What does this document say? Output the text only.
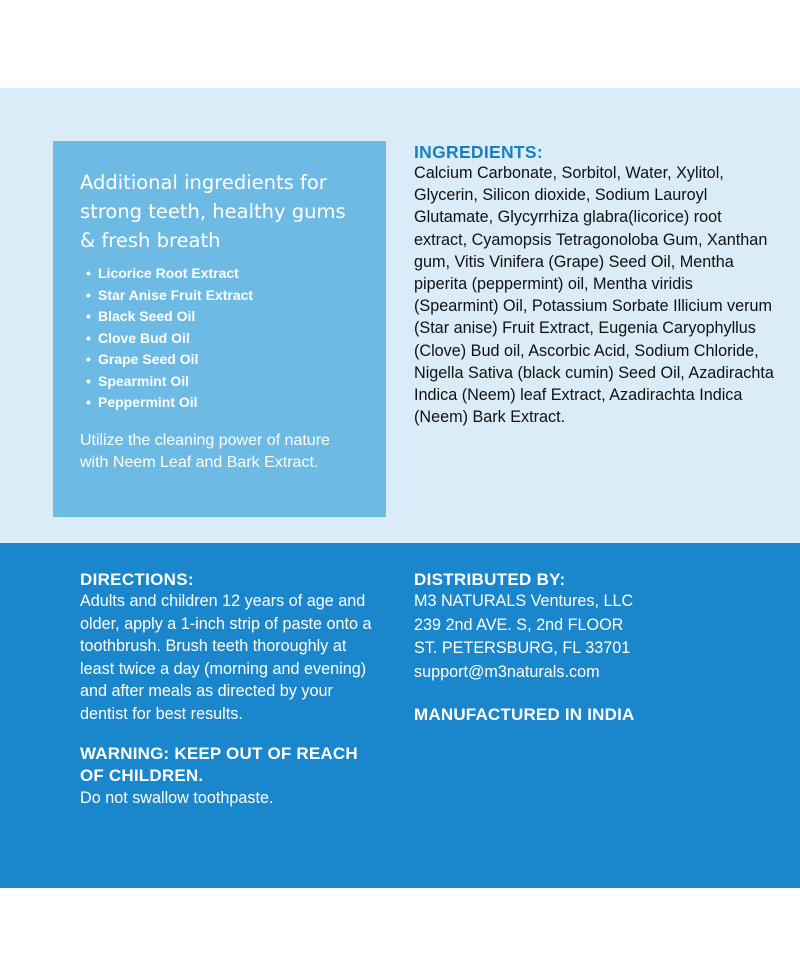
Additional ingredients for strong teeth, healthy gums & fresh breath
• Licorice Root Extract
• Star Anise Fruit Extract
• Black Seed Oil
• Clove Bud Oil
• Grape Seed Oil
• Spearmint Oil
• Peppermint Oil
Utilize the cleaning power of nature with Neem Leaf and Bark Extract.
INGREDIENTS:
Calcium Carbonate, Sorbitol, Water, Xylitol, Glycerin, Silicon dioxide, Sodium Lauroyl Glutamate, Glycyrrhiza glabra(licorice) root extract, Cyamopsis Tetragonoloba Gum, Xanthan gum, Vitis Vinifera (Grape) Seed Oil, Mentha piperita (peppermint) oil, Mentha viridis (Spearmint) Oil, Potassium Sorbate Illicium verum (Star anise) Fruit Extract, Eugenia Caryophyllus (Clove) Bud oil, Ascorbic Acid, Sodium Chloride, Nigella Sativa (black cumin) Seed Oil, Azadirachta Indica (Neem) leaf Extract, Azadirachta Indica (Neem) Bark Extract.
DIRECTIONS:
Adults and children 12 years of age and older, apply a 1-inch strip of paste onto a toothbrush. Brush teeth thoroughly at least twice a day (morning and evening) and after meals as directed by your dentist for best results.
WARNING: KEEP OUT OF REACH OF CHILDREN.
Do not swallow toothpaste.
DISTRIBUTED BY:
M3 NATURALS Ventures, LLC
239 2nd AVE. S, 2nd FLOOR
ST. PETERSBURG, FL 33701
support@m3naturals.com
MANUFACTURED IN INDIA
